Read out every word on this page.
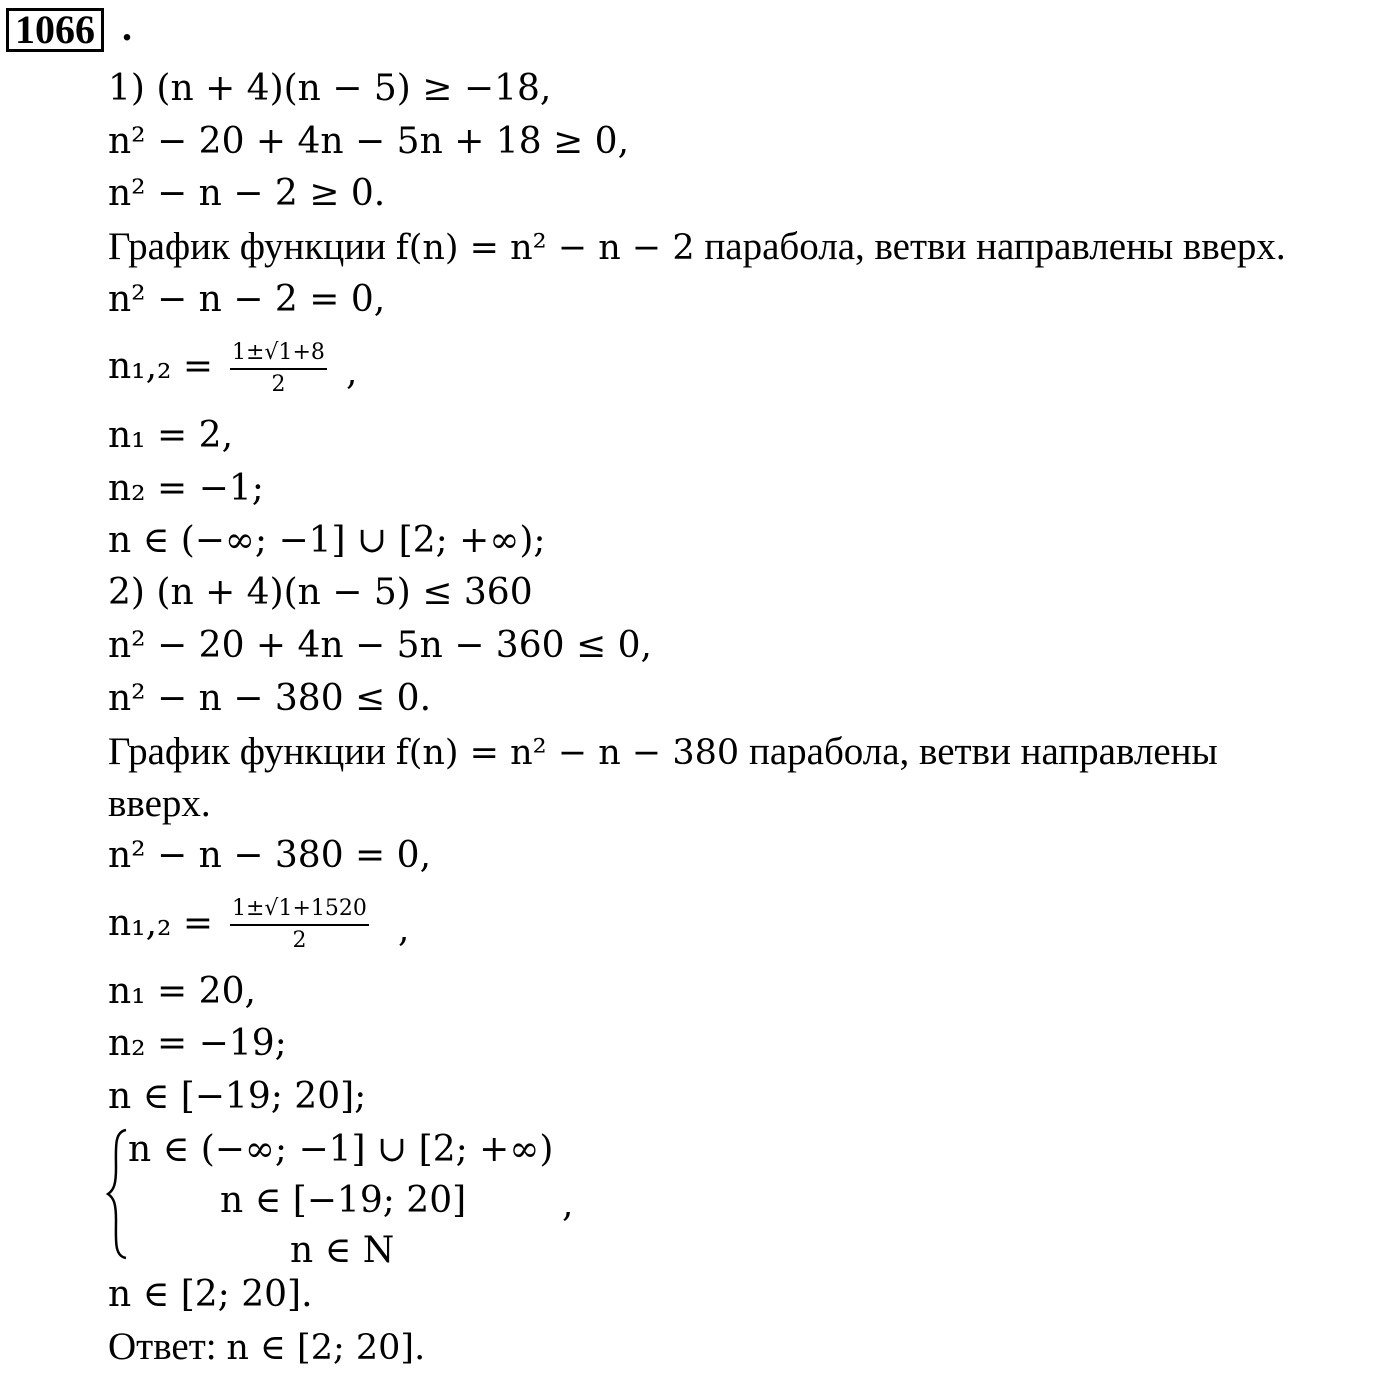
1066 .
1) (n + 4)(n − 5) ≥ −18,
n² − 20 + 4n − 5n + 18 ≥ 0,
n² − n − 2 ≥ 0.
График функции f(n) = n² − n − 2 парабола, ветви направлены вверх.
n² − n − 2 = 0,
$n_1,_2 = \frac{1\pm√1+8}{2}$ ,
n₁ = 2,
n₂ = −1;
n ∈ (−∞; −1] ∪ [2; +∞);
2) (n + 4)(n − 5) ≤ 360
n² − 20 + 4n − 5n − 360 ≤ 0,
n² − n − 380 ≤ 0.
График функции f(n) = n² − n − 380 парабола, ветви направлены
вверх.
n² − n − 380 = 0,
$n_1,_2 = \frac{1\pm√1+1520}{2}$ ,
n₁ = 20,
n₂ = −19;
n ∈ [−19; 20];
n ∈ (−∞; −1] ∪ [2; +∞)
n ∈ [−19; 20]
n ∈ N
,
n ∈ [2; 20].
Ответ: n ∈ [2; 20].
